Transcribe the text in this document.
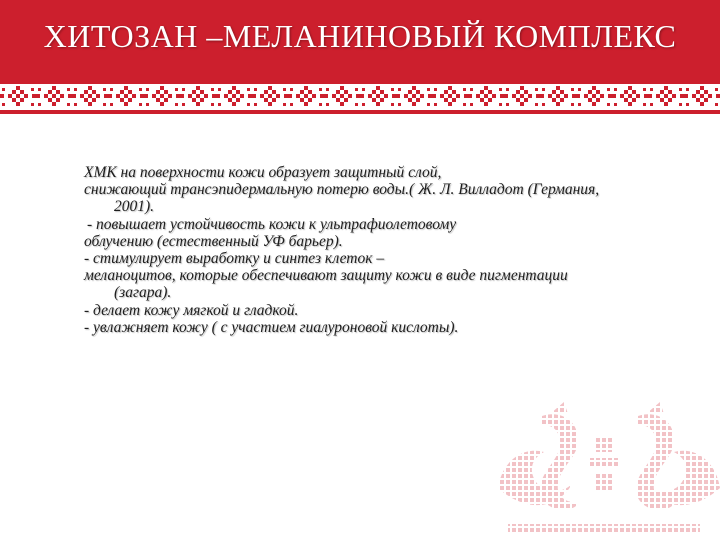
ХИТОЗАН –МЕЛАНИНОВЫЙ КОМПЛЕКС

ХМК на поверхности кожи образует защитный слой,

снижающий трансэпидермальную потерю воды.( Ж. Л. Вилладот (Германия, 2001).

- повышает устойчивость кожи к ультрафиолетовому

облучению (естественный УФ барьер).

- стимулирует выработку и синтез клеток –

меланоцитов, которые обеспечивают защиту кожи в виде пигментации (загара).

- делает кожу мягкой и гладкой.

- увлажняет кожу ( с участием гиалуроновой кислоты).
